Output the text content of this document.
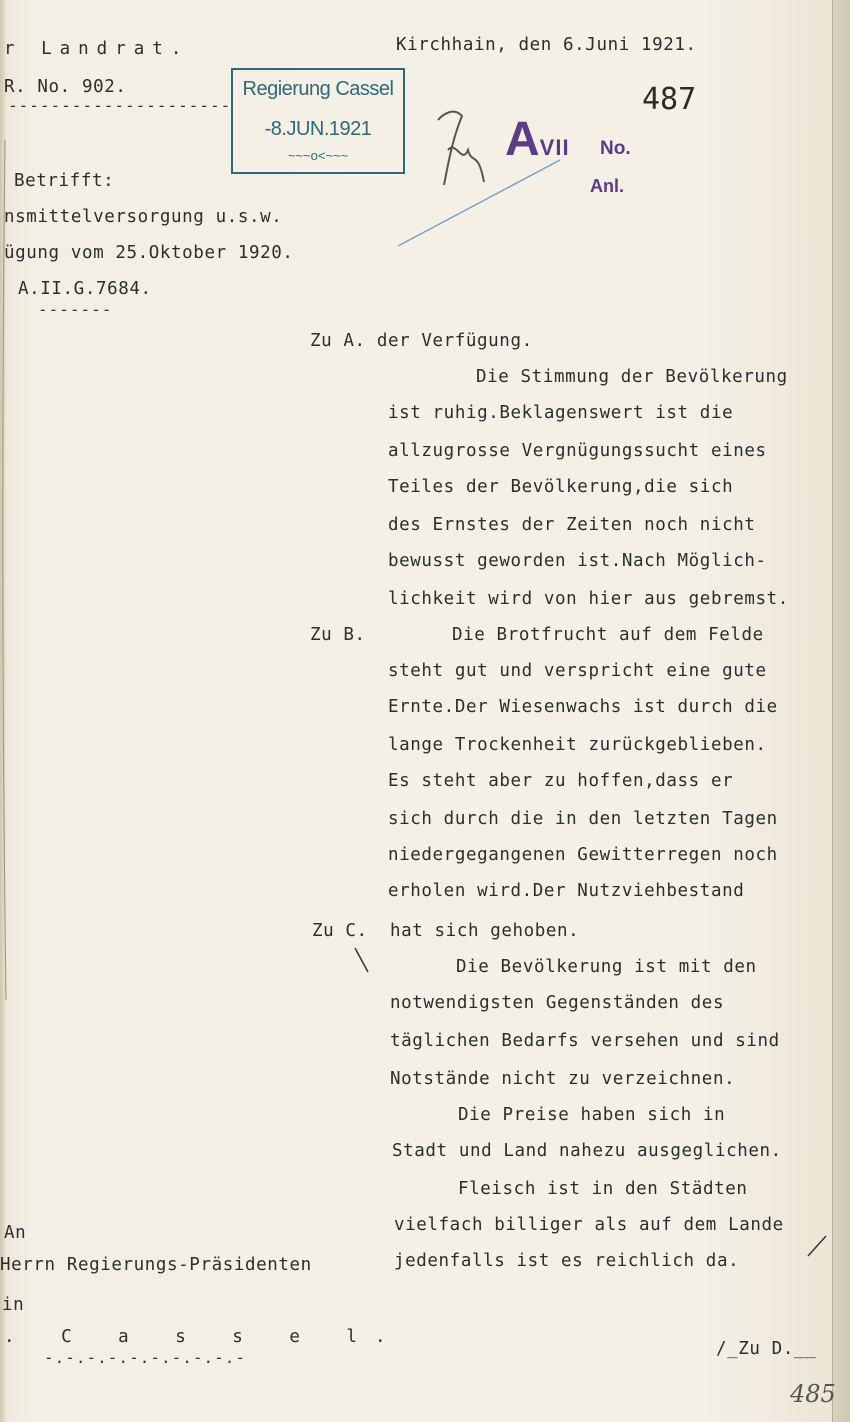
r Landrat.
R. No. 902.
---------------------
Betrifft:
nsmittelversorgung u.s.w.
ügung vom 25.Oktober 1920.
A.II.G.7684.
-------
Kirchhain, den 6.Juni 1921.
Regierung Cassel
-8.JUN.1921
~~~o<~~~
487
AVII No.
Anl.
Zu A. der Verfügung.
Die Stimmung der Bevölkerung
ist ruhig.Beklagenswert ist die
allzugrosse Vergnügungssucht eines
Teiles der Bevölkerung,die sich
des Ernstes der Zeiten noch nicht
bewusst geworden ist.Nach Möglich-
lichkeit wird von hier aus gebremst.
Zu B.	Die Brotfrucht auf dem Felde
steht gut und verspricht eine gute
Ernte.Der Wiesenwachs ist durch die
lange Trockenheit zurückgeblieben.
Es steht aber zu hoffen,dass er
sich durch die in den letzten Tagen
niedergegangenen Gewitterregen noch
erholen wird.Der Nutzviehbestand
Zu C. hat sich gehoben.
Die Bevölkerung ist mit den
notwendigsten Gegenständen des
täglichen Bedarfs versehen und sind
Notstände nicht zu verzeichnen.
Die Preise haben sich in
Stadt und Land nahezu ausgeglichen.
Fleisch ist in den Städten
vielfach billiger als auf dem Lande
jedenfalls ist es reichlich da.
/_Zu D.__
An
Herrn Regierungs-Präsidenten
in
. C a s s e l.
-.-.-.-.-.-.-.-.-.-
485
